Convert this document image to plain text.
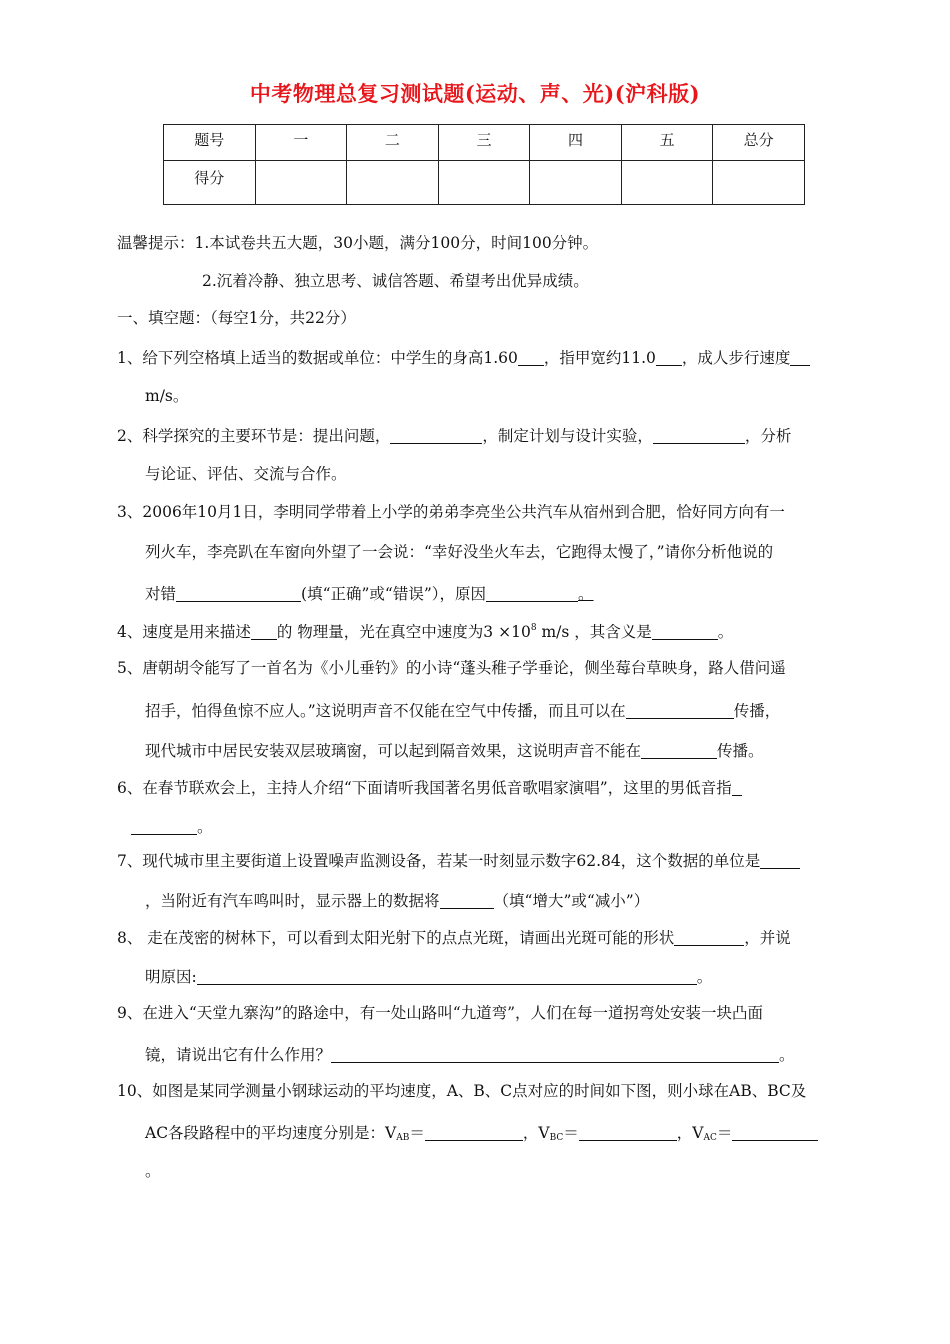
中考物理总复习测试题(运动、声、光)(沪科版)
题号	一	二	三	四	五	总分
得分						
温馨提示：1.本试卷共五大题，30小题，满分100分，时间100分钟。
2.沉着冷静、独立思考、诚信答题、希望考出优异成绩。
一、填空题：（每空1分，共22分）
1、给下列空格填上适当的数据或单位：中学生的身高1.60 ，指甲宽约11.0 ，成人步行速度
m/s。
2、科学探究的主要环节是：提出问题，	，制定计划与设计实验，	，分析
与论证、评估、交流与合作。
3、2006年10月1日，李明同学带着上小学的弟弟李亮坐公共汽车从宿州到合肥，恰好同方向有一
列火车，李亮趴在车窗向外望了一会说：“幸好没坐火车去，它跑得太慢了，”请你分析他说的
对错	(填“正确”或“错误”），原因	。
4、速度是用来描述 的 物理量，光在真空中速度为$3 \times 10^8$ m/s ，其含义是	。
5、唐朝胡令能写了一首名为《小儿垂钓》的小诗“蓬头稚子学垂论，侧坐莓台草映身，路人借问遥
招手，怕得鱼惊不应人。”这说明声音不仅能在空气中传播，而且可以在	传播，
现代城市中居民安装双层玻璃窗，可以起到隔音效果，这说明声音不能在	传播。
6、在春节联欢会上，主持人介绍“下面请听我国著名男低音歌唱家演唱”，这里的男低音指
。
7、现代城市里主要街道上设置噪声监测设备，若某一时刻显示数字62.84，这个数据的单位是
，当附近有汽车鸣叫时，显示器上的数据将	（填“增大”或“减小”）
8、 走在茂密的树林下，可以看到太阳光射下的点点光斑，请画出光斑可能的形状	，并说
明原因:	。
9、在进入“天堂九寨沟”的路途中，有一处山路叫“九道弯”，人们在每一道拐弯处安装一块凸面
镜，请说出它有什么作用？	。
10、如图是某同学测量小钢球运动的平均速度，A、B、C点对应的时间如下图，则小球在AB、BC及
AC各段路程中的平均速度分别是：$V_{AB}=$	，$V_{BC}=$	，$V_{AC}=$
。
